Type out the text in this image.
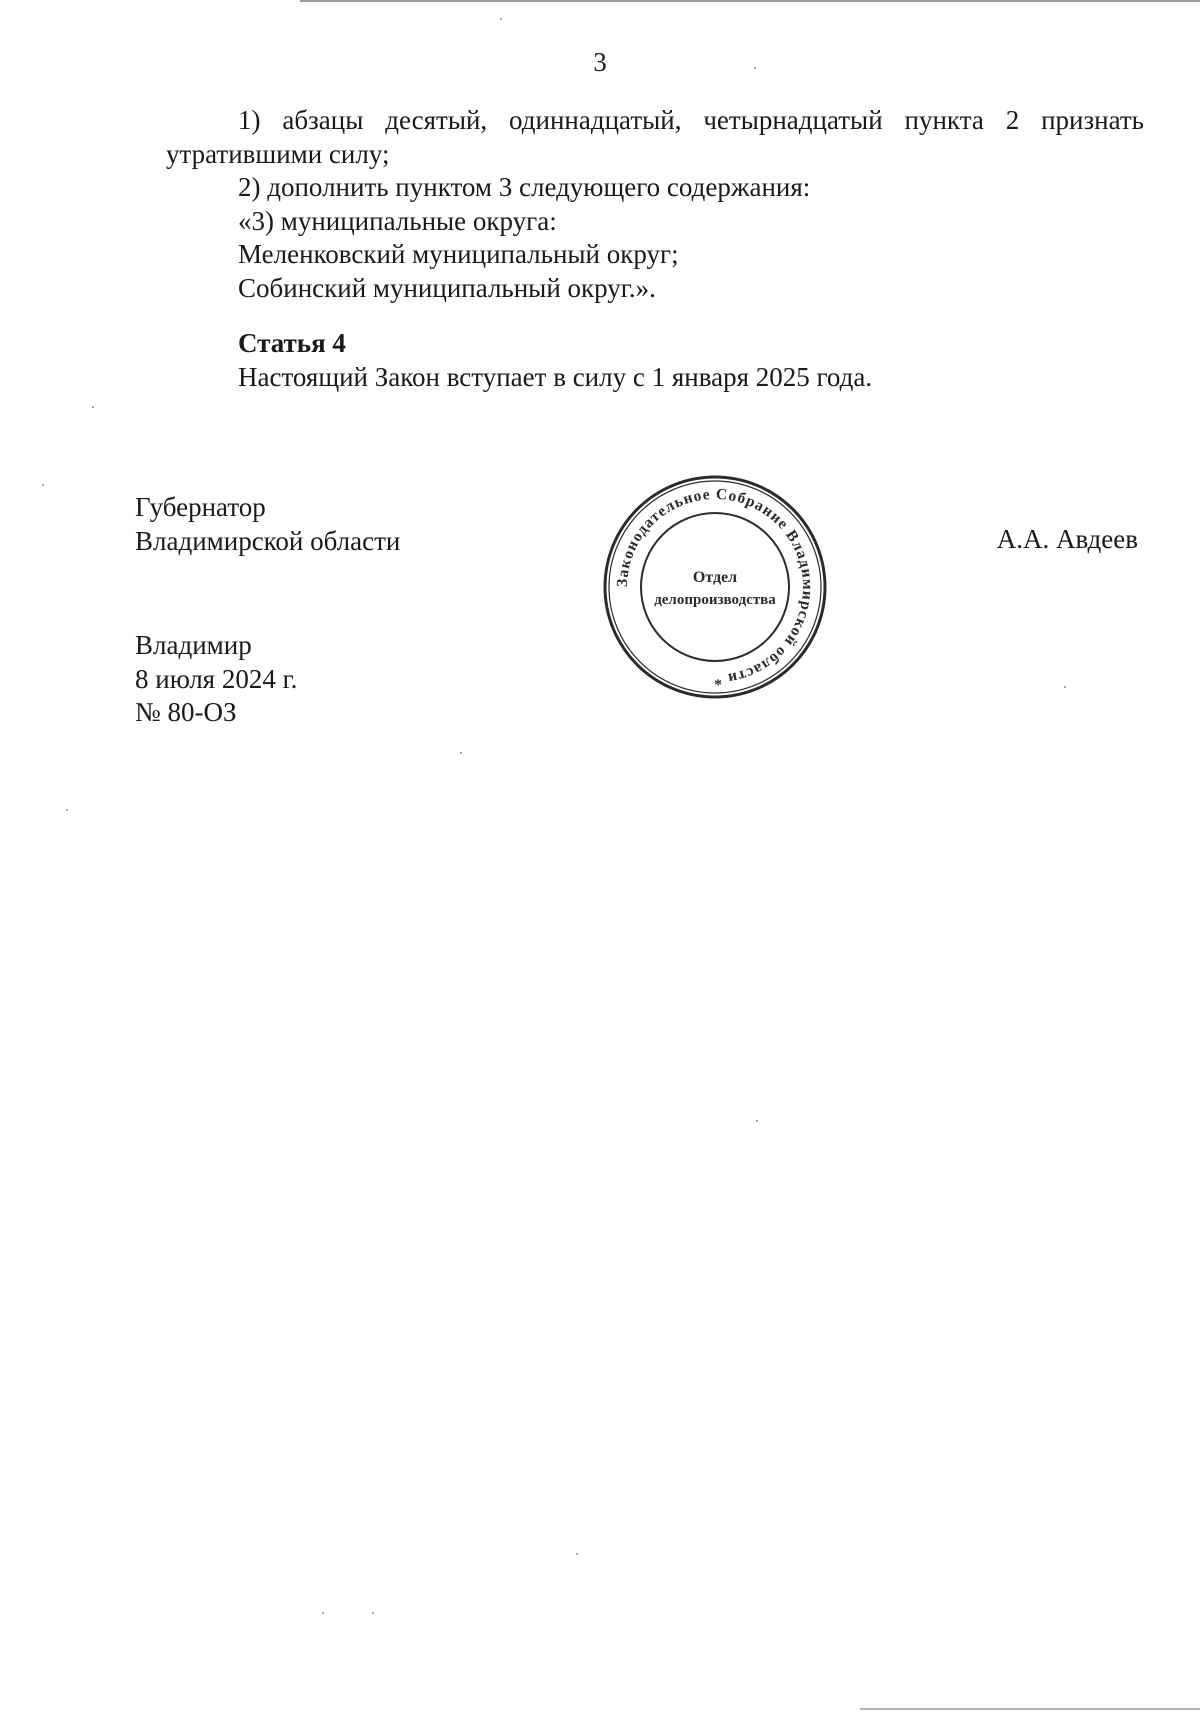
3

1) абзацы десятый, одиннадцатый, четырнадцатый пункта 2 признать утратившими силу;

2) дополнить пунктом 3 следующего содержания:

«3) муниципальные округа:

Меленковский муниципальный округ;

Собинский муниципальный округ.».

Статья 4

Настоящий Закон вступает в силу с 1 января 2025 года.

Губернатор
Владимирской области	А.А. Авдеев
Владимир
8 июля 2024 г.
№ 80-ОЗ
Законодательное Собрание Владимирской области *
Отдел
делопроизводства
